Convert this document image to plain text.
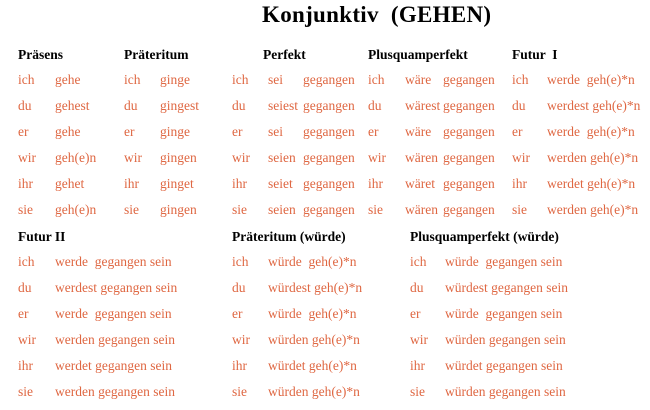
Konjunktiv  (GEHEN)
Präsens
ich	gehe
du	gehest
er	gehe
wir	geh(e)n
ihr	gehet
sie	geh(e)n
Präteritum
ich	ginge
du	gingest
er	ginge
wir	gingen
ihr	ginget
sie	gingen
Perfekt
ich	sei	gegangen
du	seiest gegangen
er	sei	gegangen
wir	seien gegangen
ihr	seiet gegangen
sie	seien gegangen
Plusquamperfekt
ich	wäre gegangen
du	wärest gegangen
er	wäre gegangen
wir	wären gegangen
ihr	wäret gegangen
sie	wären gegangen
Futur  I
ich	werde  geh(e)*n
du	werdest geh(e)*n
er	werde  geh(e)*n
wir	werden geh(e)*n
ihr	werdet geh(e)*n
sie	werden geh(e)*n
Futur II
ich	werde  gegangen sein
du	werdest gegangen sein
er	werde  gegangen sein
wir	werden gegangen sein
ihr	werdet gegangen sein
sie	werden gegangen sein
Präteritum (würde)
ich	würde  geh(e)*n
du	würdest geh(e)*n
er	würde  geh(e)*n
wir	würden geh(e)*n
ihr	würdet geh(e)*n
sie	würden geh(e)*n
Plusquamperfekt (würde)
ich	würde  gegangen sein
du	würdest gegangen sein
er	würde  gegangen sein
wir	würden gegangen sein
ihr	würdet gegangen sein
sie	würden gegangen sein
